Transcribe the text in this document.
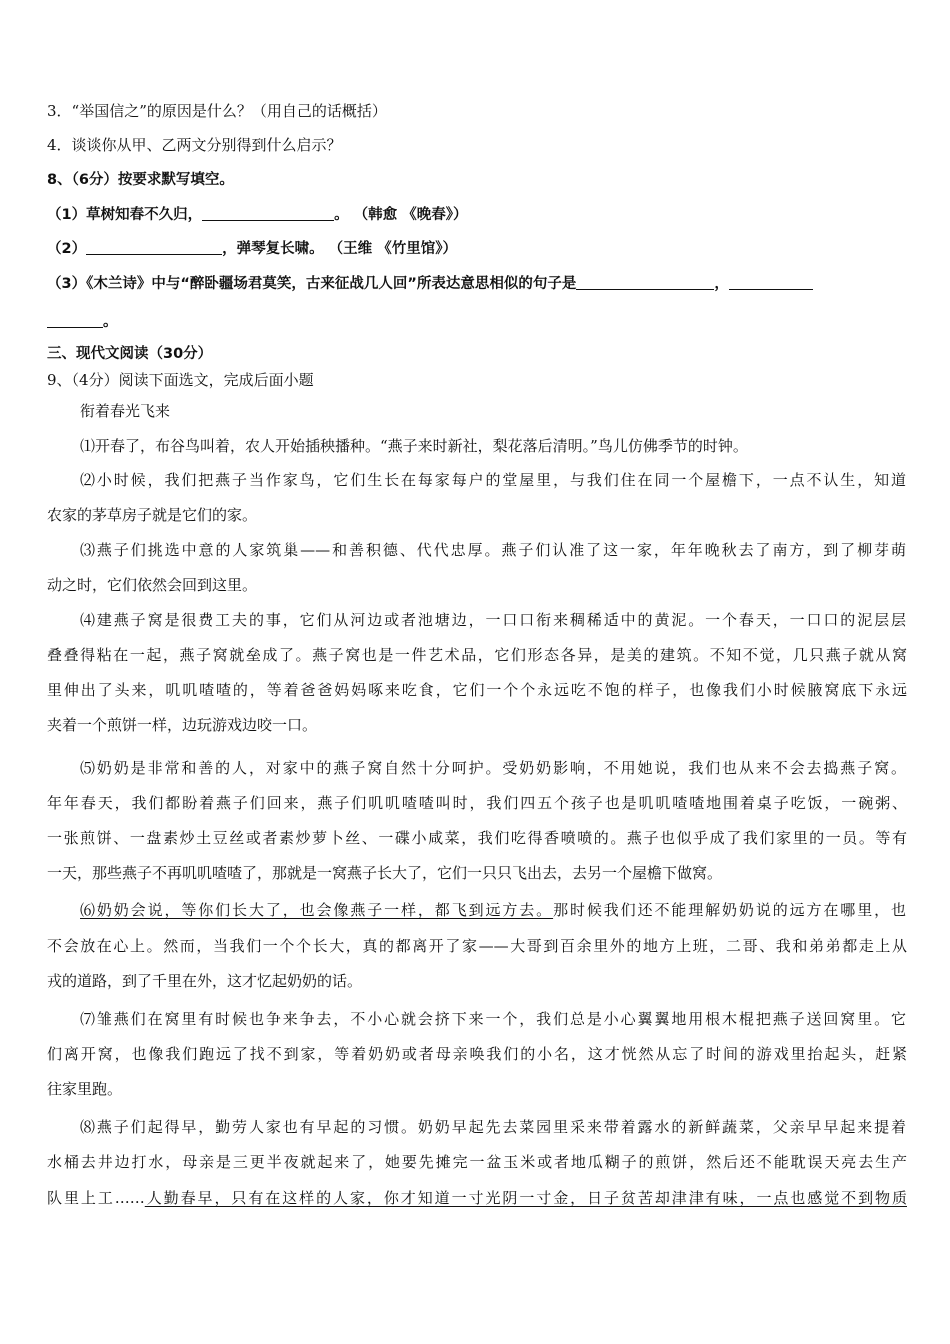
3．“举国信之”的原因是什么？（用自己的话概括）
4．谈谈你从甲、乙两文分别得到什么启示？
8、（6分）按要求默写填空。
（1）草树知春不久归，	。 （韩愈 《晚春》）
（2）	，弹琴复长啸。 （王维 《竹里馆》）
（3）《木兰诗》中与“醉卧疆场君莫笑，古来征战几人回”所表达意思相似的句子是	，
。
三、现代文阅读（30分）
9、（4分）阅读下面选文，完成后面小题
衔着春光飞来
⑴开春了，布谷鸟叫着，农人开始插秧播种。“燕子来时新社，梨花落后清明。”鸟儿仿佛季节的时钟。
⑵小时候，我们把燕子当作家鸟，它们生长在每家每户的堂屋里，与我们住在同一个屋檐下，一点不认生，知道
农家的茅草房子就是它们的家。
⑶燕子们挑选中意的人家筑巢——和善积德、代代忠厚。燕子们认准了这一家，年年晚秋去了南方，到了柳芽萌
动之时，它们依然会回到这里。
⑷建燕子窝是很费工夫的事，它们从河边或者池塘边，一口口衔来稠稀适中的黄泥。一个春天，一口口的泥层层
叠叠得粘在一起，燕子窝就垒成了。燕子窝也是一件艺术品，它们形态各异，是美的建筑。不知不觉，几只燕子就从窝
里伸出了头来，叽叽喳喳的，等着爸爸妈妈啄来吃食，它们一个个永远吃不饱的样子，也像我们小时候腋窝底下永远
夹着一个煎饼一样，边玩游戏边咬一口。
⑸奶奶是非常和善的人，对家中的燕子窝自然十分呵护。受奶奶影响，不用她说，我们也从来不会去捣燕子窝。
年年春天，我们都盼着燕子们回来，燕子们叽叽喳喳叫时，我们四五个孩子也是叽叽喳喳地围着桌子吃饭，一碗粥、
一张煎饼、一盘素炒土豆丝或者素炒萝卜丝、一碟小咸菜，我们吃得香喷喷的。燕子也似乎成了我们家里的一员。等有
一天，那些燕子不再叽叽喳喳了，那就是一窝燕子长大了，它们一只只飞出去，去另一个屋檐下做窝。
⑹奶奶会说，等你们长大了，也会像燕子一样，都飞到远方去。那时候我们还不能理解奶奶说的远方在哪里，也
不会放在心上。然而，当我们一个个长大，真的都离开了家——大哥到百余里外的地方上班，二哥、我和弟弟都走上从
戎的道路，到了千里在外，这才忆起奶奶的话。
⑺雏燕们在窝里有时候也争来争去，不小心就会挤下来一个，我们总是小心翼翼地用根木棍把燕子送回窝里。它
们离开窝，也像我们跑远了找不到家，等着奶奶或者母亲唤我们的小名，这才恍然从忘了时间的游戏里抬起头，赶紧
往家里跑。
⑻燕子们起得早，勤劳人家也有早起的习惯。奶奶早起先去菜园里采来带着露水的新鲜蔬菜，父亲早早起来提着
水桶去井边打水，母亲是三更半夜就起来了，她要先摊完一盆玉米或者地瓜糊子的煎饼，然后还不能耽误天亮去生产
队里上工……人勤春早，只有在这样的人家，你才知道一寸光阴一寸金，日子贫苦却津津有味，一点也感觉不到物质
